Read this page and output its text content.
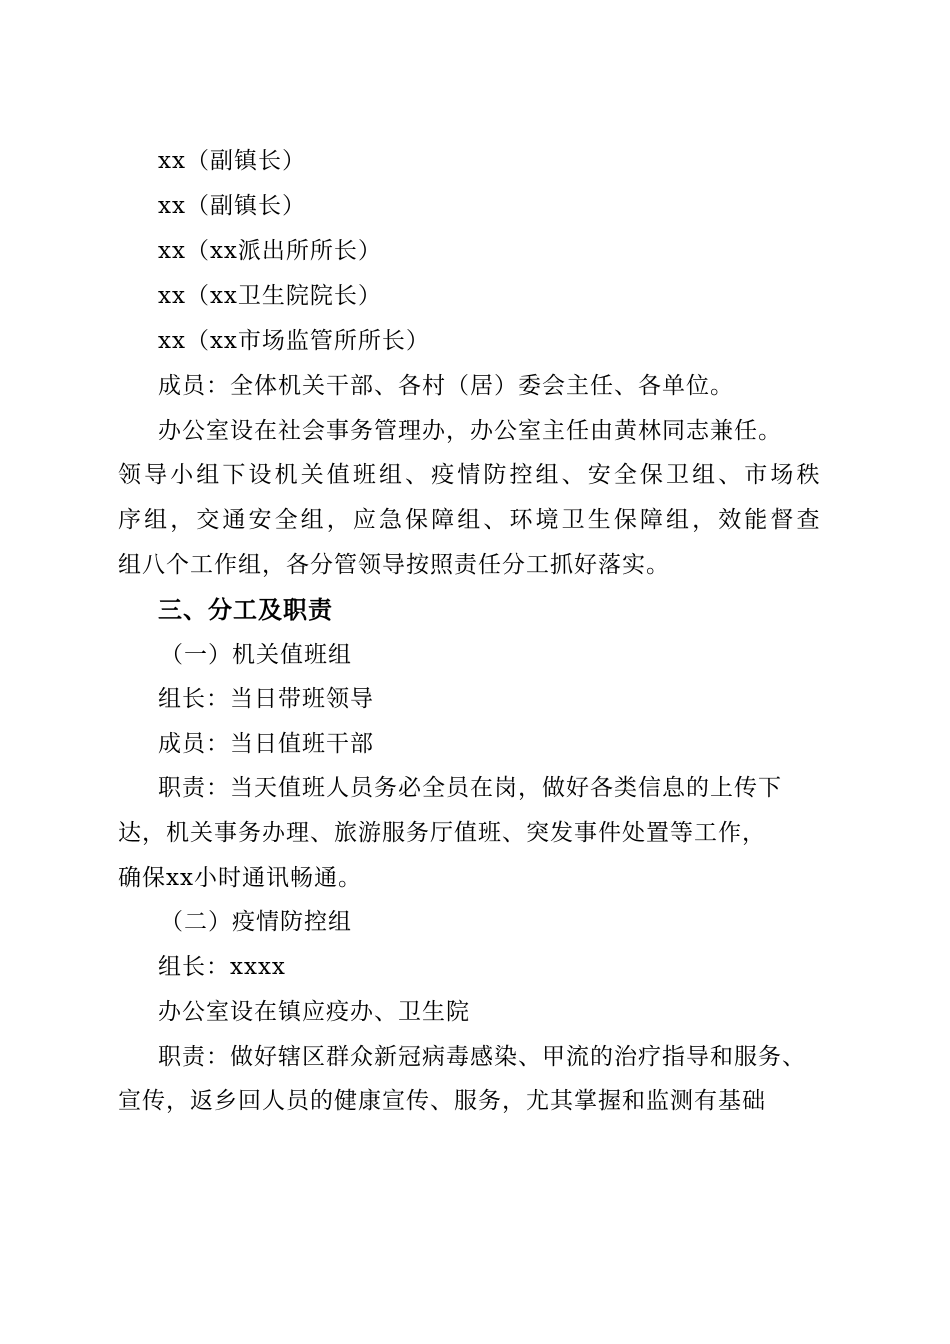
xx（副镇长）
xx（副镇长）
xx（xx派出所所长）
xx（xx卫生院院长）
xx（xx市场监管所所长）
成员：全体机关干部、各村（居）委会主任、各单位。
办公室设在社会事务管理办，办公室主任由黄林同志兼任。
领导小组下设机关值班组、疫情防控组、安全保卫组、市场秩
序组，交通安全组，应急保障组、环境卫生保障组，效能督查
组八个工作组，各分管领导按照责任分工抓好落实。
三、分工及职责
（一）机关值班组
组长：当日带班领导
成员：当日值班干部
职责：当天值班人员务必全员在岗，做好各类信息的上传下
达，机关事务办理、旅游服务厅值班、突发事件处置等工作，
确保xx小时通讯畅通。
（二）疫情防控组
组长：xxxx
办公室设在镇应疫办、卫生院
职责：做好辖区群众新冠病毒感染、甲流的治疗指导和服务、
宣传，返乡回人员的健康宣传、服务，尤其掌握和监测有基础
